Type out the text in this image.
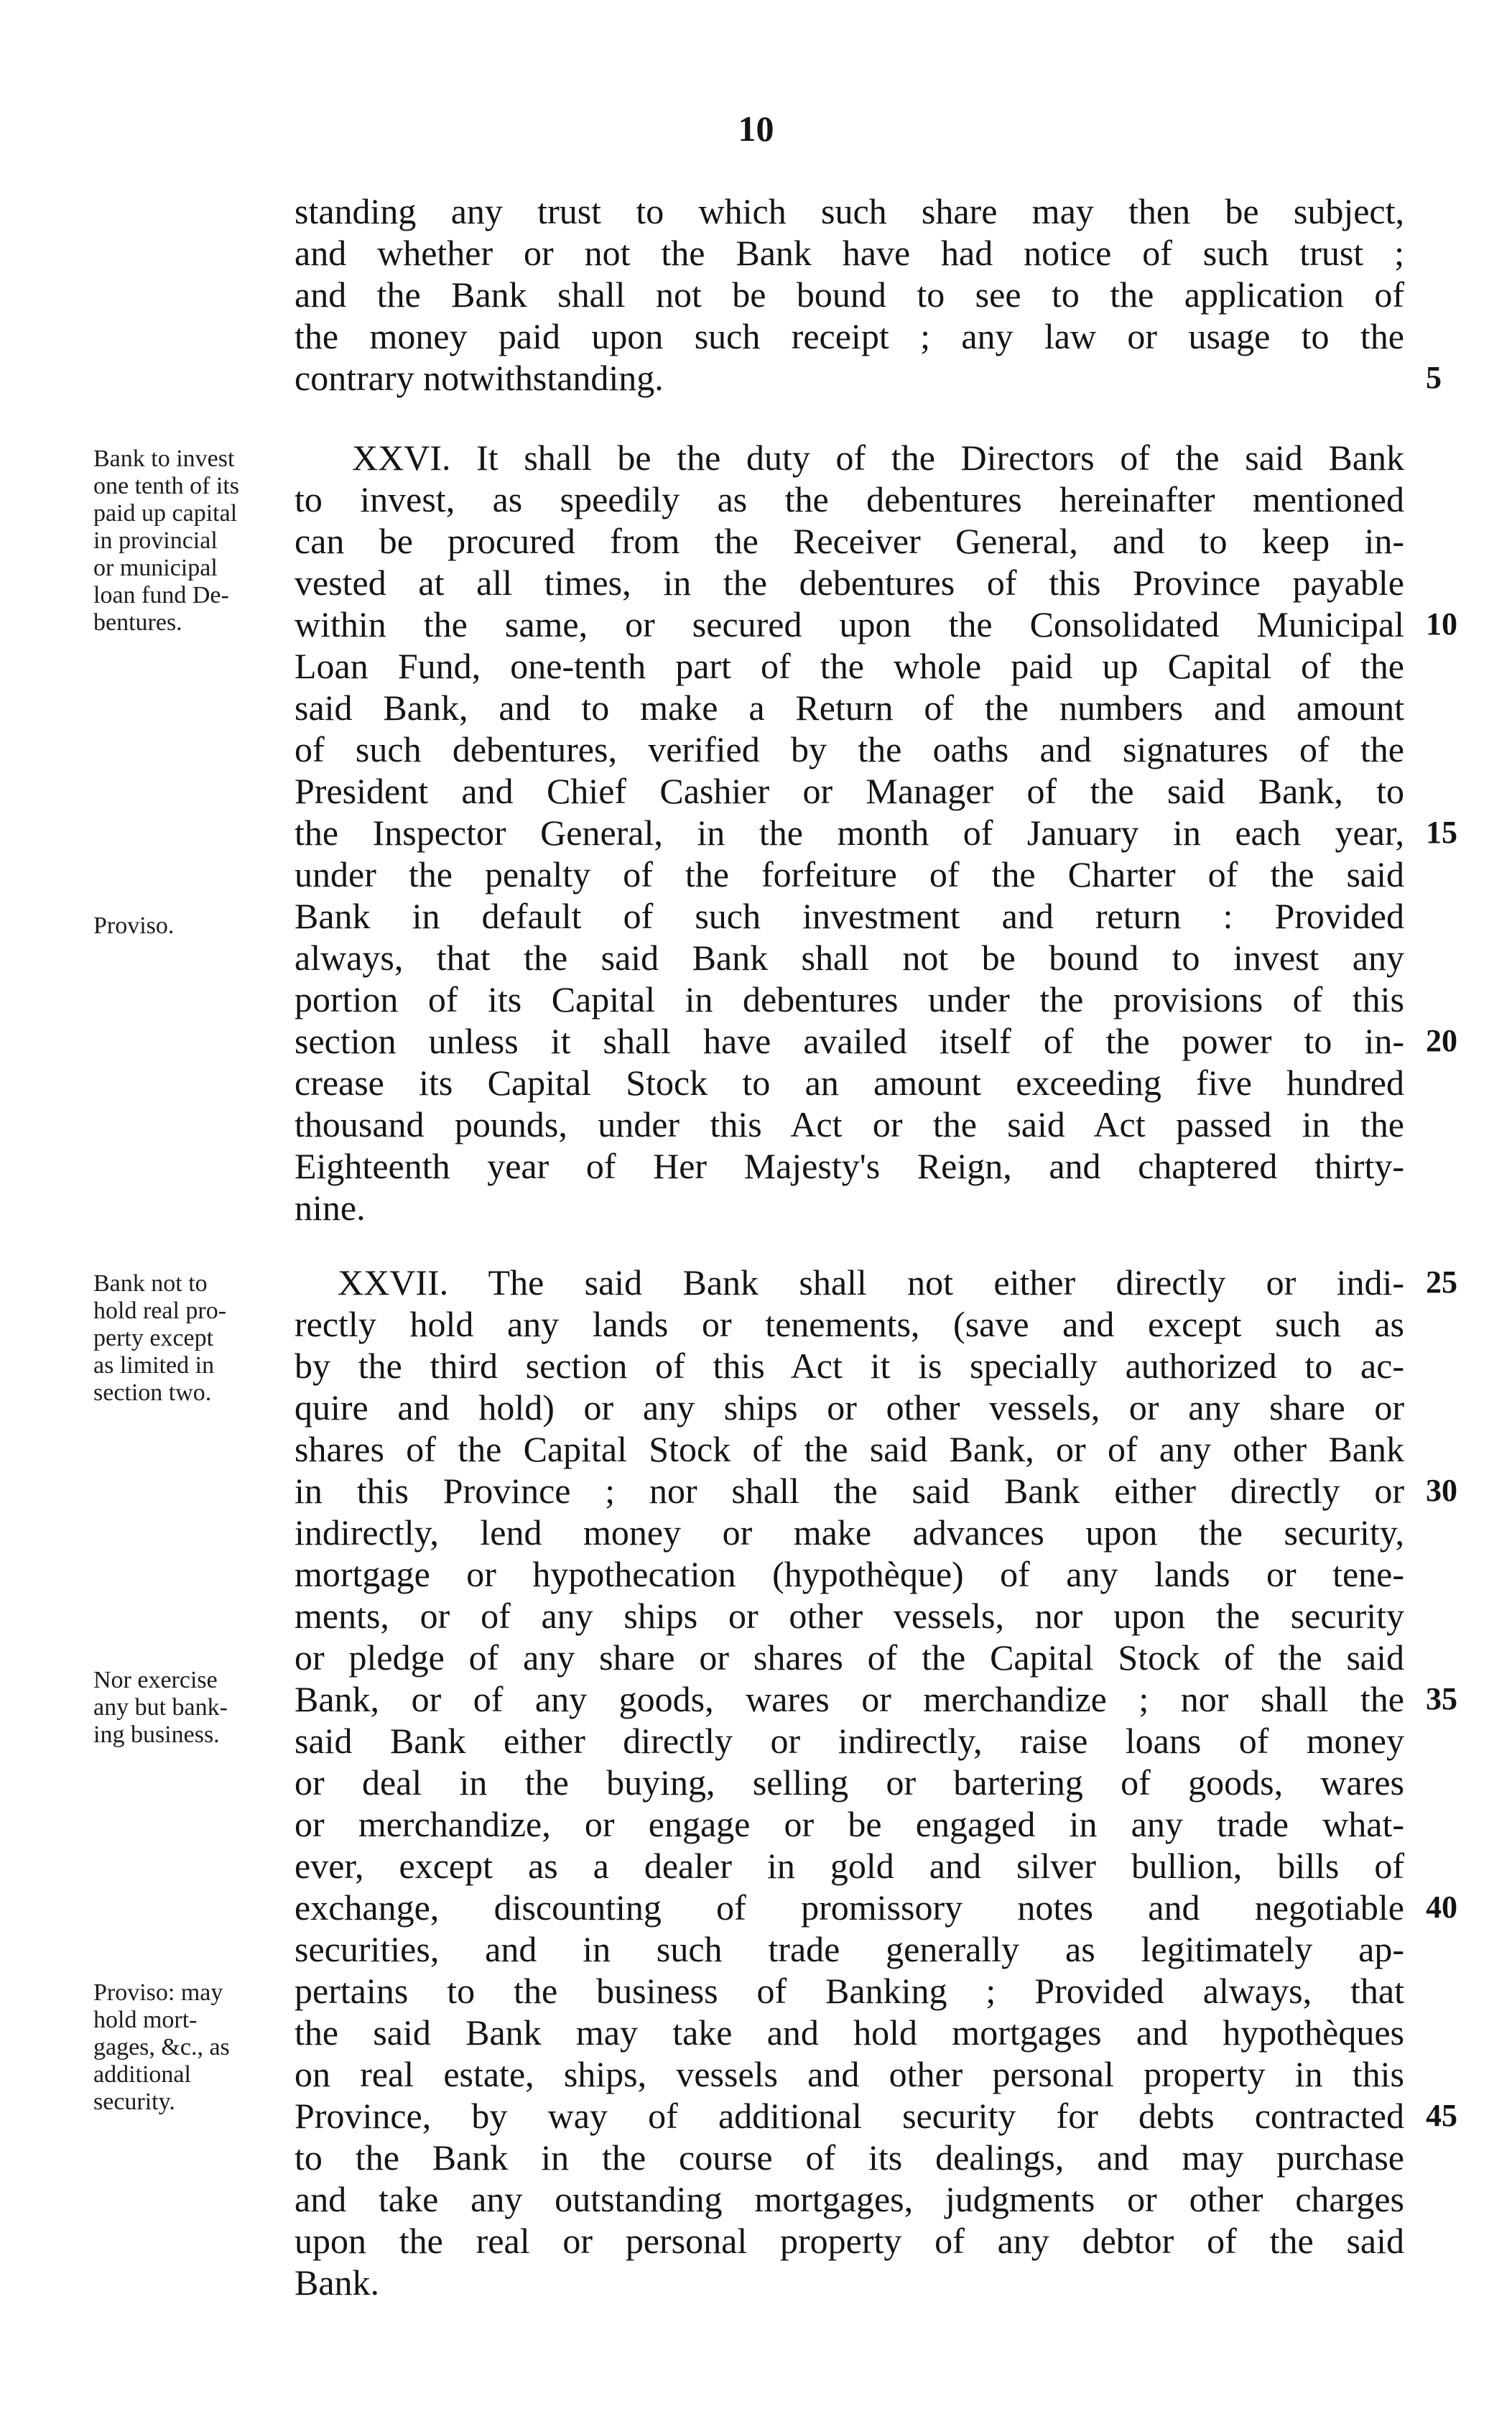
10
standing any trust to which such share may then be subject,
and whether or not the Bank have had notice of such trust ;
and the Bank shall not be bound to see to the application of
the money paid upon such receipt ; any law or usage to the
contrary notwithstanding.
XXVI. It shall be the duty of the Directors of the said Bank
to invest, as speedily as the debentures hereinafter mentioned
can be procured from the Receiver General, and to keep in-
vested at all times, in the debentures of this Province payable
within the same, or secured upon the Consolidated Municipal
Loan Fund, one-tenth part of the whole paid up Capital of the
said Bank, and to make a Return of the numbers and amount
of such debentures, verified by the oaths and signatures of the
President and Chief Cashier or Manager of the said Bank, to
the Inspector General, in the month of January in each year,
under the penalty of the forfeiture of the Charter of the said
Bank in default of such investment and return : Provided
always, that the said Bank shall not be bound to invest any
portion of its Capital in debentures under the provisions of this
section unless it shall have availed itself of the power to in-
crease its Capital Stock to an amount exceeding five hundred
thousand pounds, under this Act or the said Act passed in the
Eighteenth year of Her Majesty's Reign, and chaptered thirty-
nine.
XXVII. The said Bank shall not either directly or indi-
rectly hold any lands or tenements, (save and except such as
by the third section of this Act it is specially authorized to ac-
quire and hold) or any ships or other vessels, or any share or
shares of the Capital Stock of the said Bank, or of any other Bank
in this Province ; nor shall the said Bank either directly or
indirectly, lend money or make advances upon the security,
mortgage or hypothecation (hypothèque) of any lands or tene-
ments, or of any ships or other vessels, nor upon the security
or pledge of any share or shares of the Capital Stock of the said
Bank, or of any goods, wares or merchandize ; nor shall the
said Bank either directly or indirectly, raise loans of money
or deal in the buying, selling or bartering of goods, wares
or merchandize, or engage or be engaged in any trade what-
ever, except as a dealer in gold and silver bullion, bills of
exchange, discounting of promissory notes and negotiable
securities, and in such trade generally as legitimately ap-
pertains to the business of Banking ; Provided always, that
the said Bank may take and hold mortgages and hypothèques
on real estate, ships, vessels and other personal property in this
Province, by way of additional security for debts contracted
to the Bank in the course of its dealings, and may purchase
and take any outstanding mortgages, judgments or other charges
upon the real or personal property of any debtor of the said
Bank.
5
10
15
20
25
30
35
40
45
Bank to invest
one tenth of its
paid up capital
in provincial
or municipal
loan fund De-
bentures.
Proviso.
Bank not to
hold real pro-
perty except
as limited in
section two.
Nor exercise
any but bank-
ing business.
Proviso: may
hold mort-
gages, &c., as
additional
security.
